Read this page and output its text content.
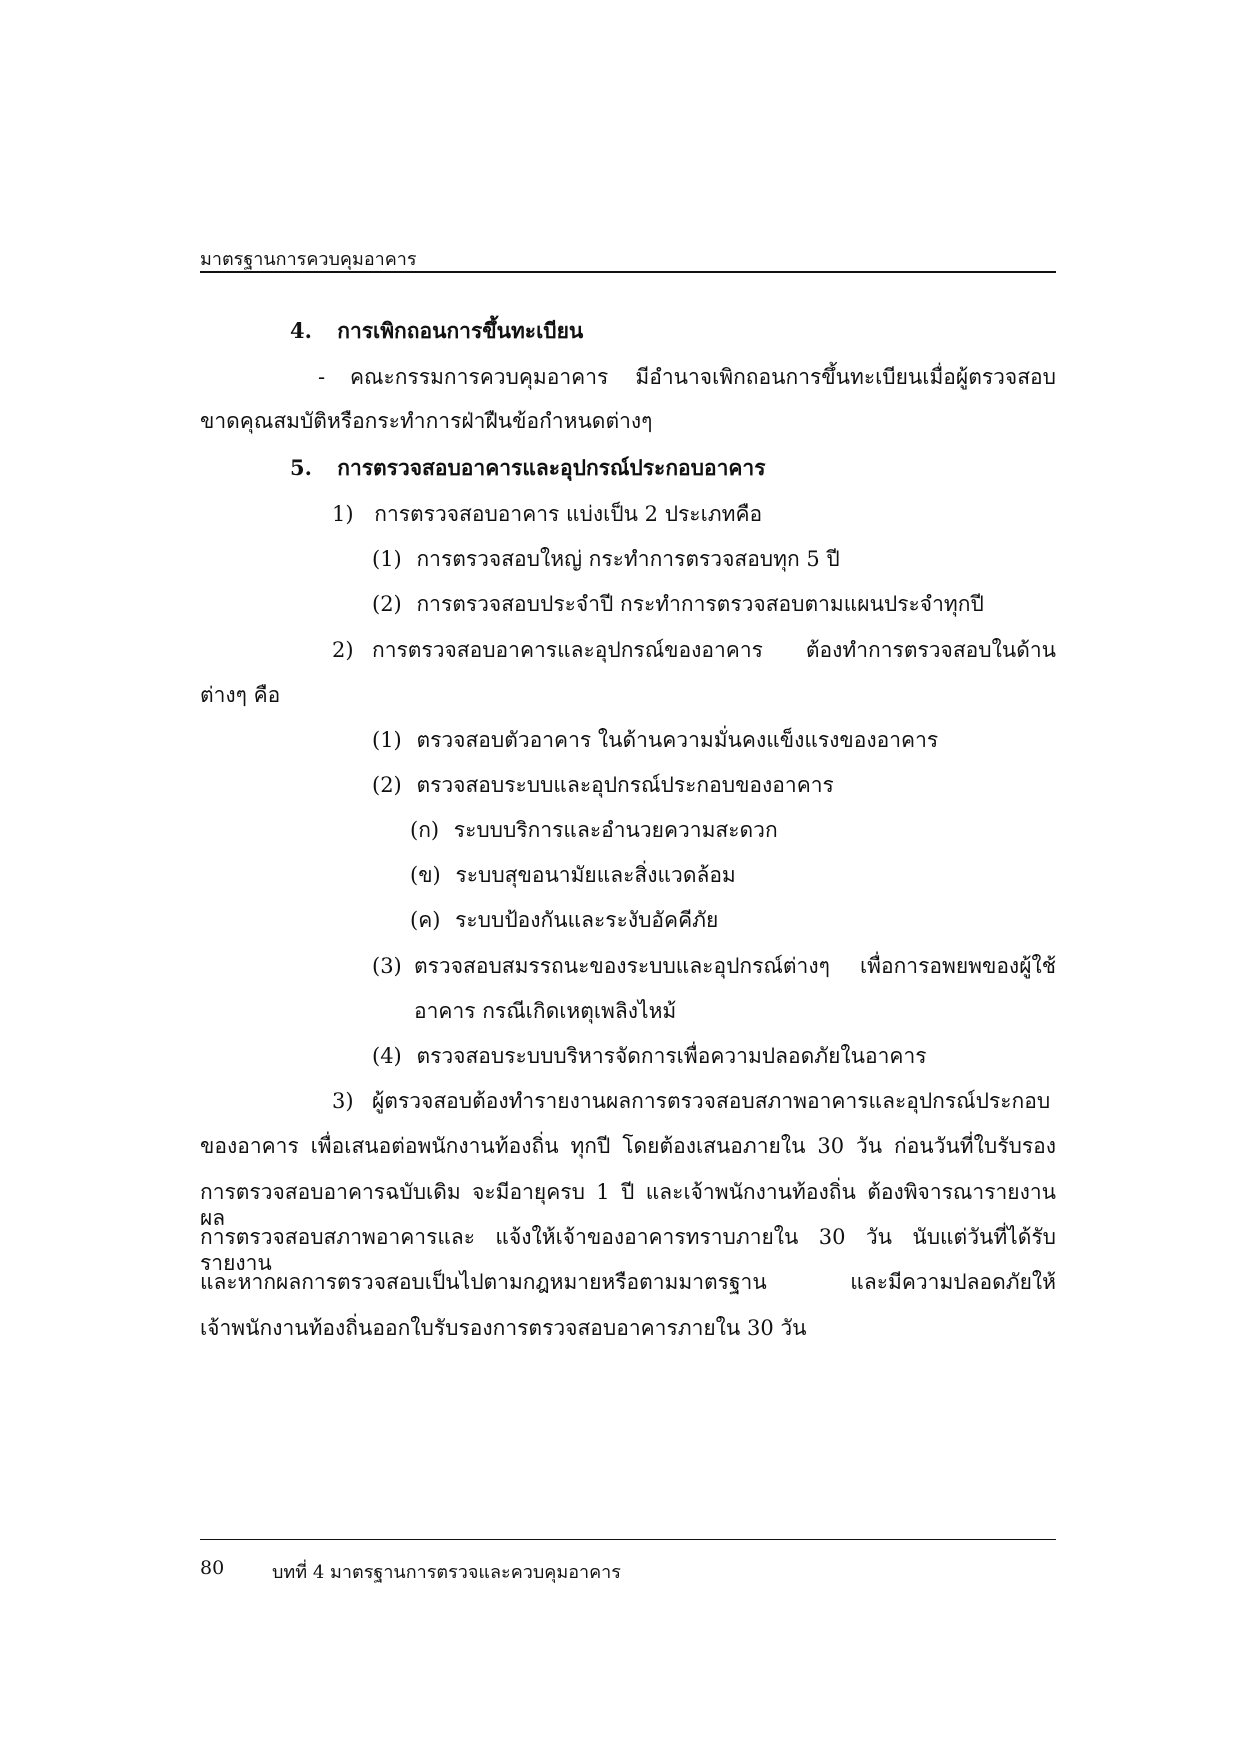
มาตรฐานการควบคุมอาคาร
4. การเพิกถอนการขึ้นทะเบียน
- คณะกรรมการควบคุมอาคาร มีอำนาจเพิกถอนการขึ้นทะเบียนเมื่อผู้ตรวจสอบ
ขาดคุณสมบัติหรือกระทำการฝ่าฝืนข้อกำหนดต่างๆ
5. การตรวจสอบอาคารและอุปกรณ์ประกอบอาคาร
1) การตรวจสอบอาคาร แบ่งเป็น 2 ประเภทคือ
(1) การตรวจสอบใหญ่ กระทำการตรวจสอบทุก 5 ปี
(2) การตรวจสอบประจำปี กระทำการตรวจสอบตามแผนประจำทุกปี
2) การตรวจสอบอาคารและอุปกรณ์ของอาคาร ต้องทำการตรวจสอบในด้าน
ต่างๆ คือ
(1) ตรวจสอบตัวอาคาร ในด้านความมั่นคงแข็งแรงของอาคาร
(2) ตรวจสอบระบบและอุปกรณ์ประกอบของอาคาร
(ก) ระบบบริการและอำนวยความสะดวก
(ข) ระบบสุขอนามัยและสิ่งแวดล้อม
(ค) ระบบป้องกันและระงับอัคคีภัย
(3) ตรวจสอบสมรรถนะของระบบและอุปกรณ์ต่างๆ เพื่อการอพยพของผู้ใช้
อาคาร กรณีเกิดเหตุเพลิงไหม้
(4) ตรวจสอบระบบบริหารจัดการเพื่อความปลอดภัยในอาคาร
3) ผู้ตรวจสอบต้องทำรายงานผลการตรวจสอบสภาพอาคารและอุปกรณ์ประกอบ
ของอาคาร เพื่อเสนอต่อพนักงานท้องถิ่น ทุกปี โดยต้องเสนอภายใน 30 วัน ก่อนวันที่ใบรับรอง
การตรวจสอบอาคารฉบับเดิม จะมีอายุครบ 1 ปี และเจ้าพนักงานท้องถิ่น ต้องพิจารณารายงานผล
การตรวจสอบสภาพอาคารและ แจ้งให้เจ้าของอาคารทราบภายใน 30 วัน นับแต่วันที่ได้รับรายงาน
และหากผลการตรวจสอบเป็นไปตามกฎหมายหรือตามมาตรฐาน และมีความปลอดภัยให้
เจ้าพนักงานท้องถิ่นออกใบรับรองการตรวจสอบอาคารภายใน 30 วัน
80	บทที่ 4 มาตรฐานการตรวจและควบคุมอาคาร
